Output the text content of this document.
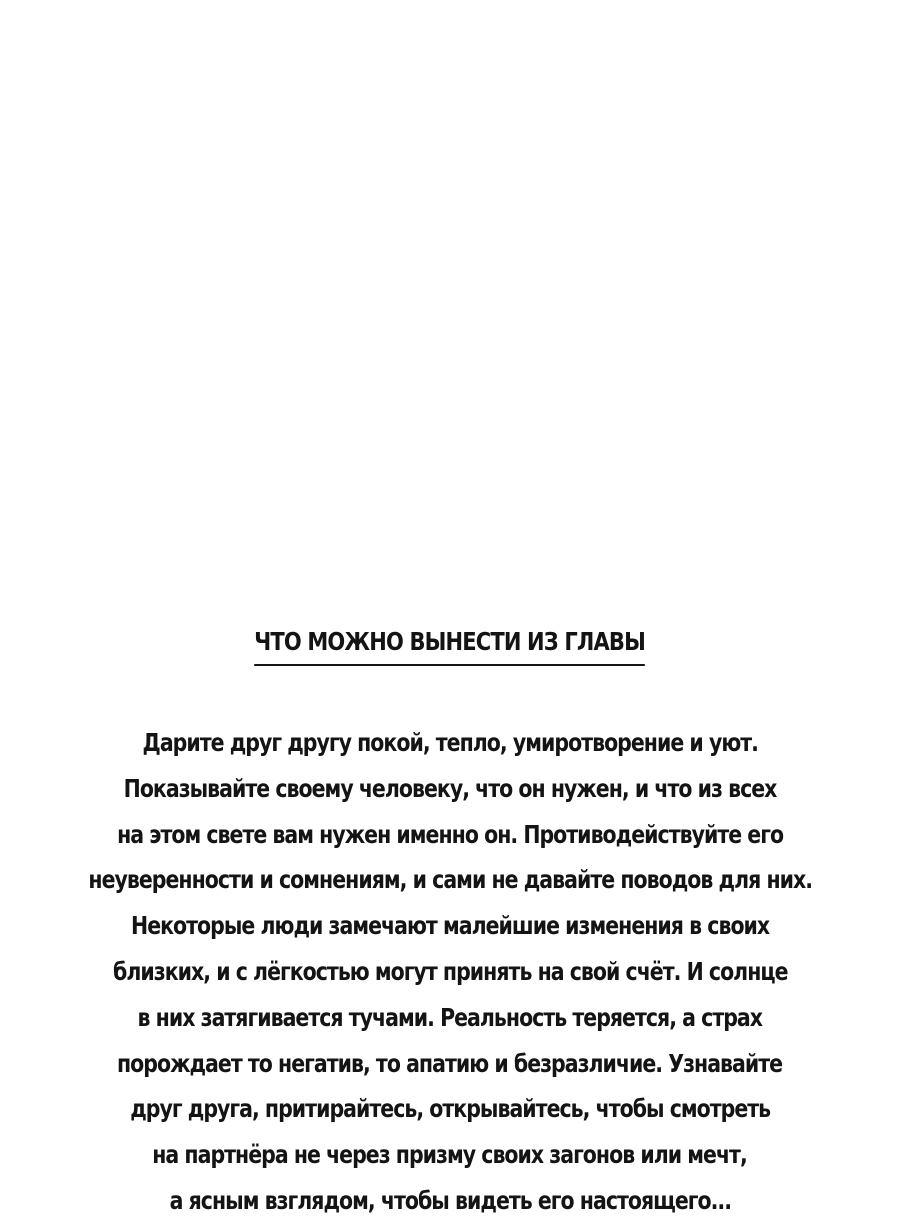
ЧТО МОЖНО ВЫНЕСТИ ИЗ ГЛАВЫ
Дарите друг другу покой, тепло, умиротворение и уют.
Показывайте своему человеку, что он нужен, и что из всех
на этом свете вам нужен именно он. Противодействуйте его
неуверенности и сомнениям, и сами не давайте поводов для них.
Некоторые люди замечают малейшие изменения в своих
близких, и с лёгкостью могут принять на свой счёт. И солнце
в них затягивается тучами. Реальность теряется, а страх
порождает то негатив, то апатию и безразличие. Узнавайте
друг друга, притирайтесь, открывайтесь, чтобы смотреть
на партнёра не через призму своих загонов или мечт,
а ясным взглядом, чтобы видеть его настоящего...
